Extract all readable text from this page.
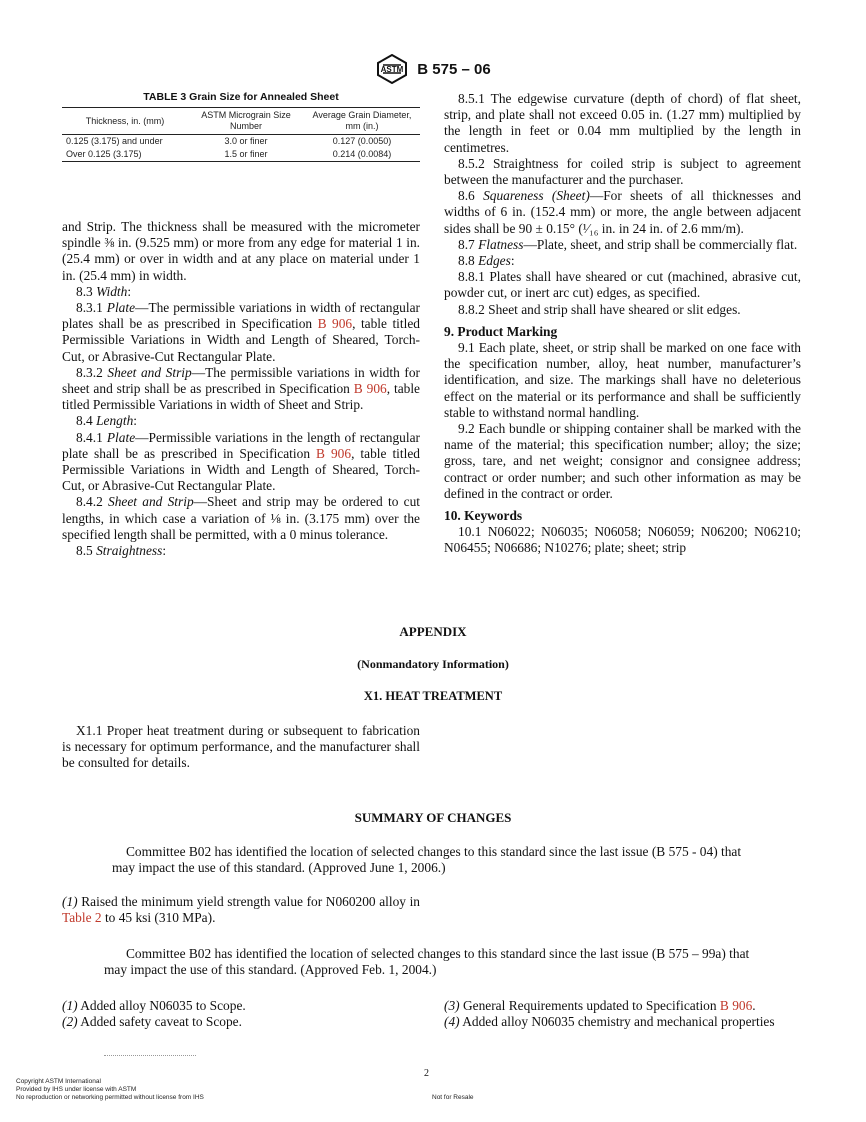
ASTM B 575 – 06
TABLE 3 Grain Size for Annealed Sheet
Thickness, in. (mm)	ASTM Micrograin Size Number	Average Grain Diameter, mm (in.)
0.125 (3.175) and under	3.0 or finer	0.127 (0.0050)
Over 0.125 (3.175)	1.5 or finer	0.214 (0.0084)

and Strip. The thickness shall be measured with the micrometer spindle ⅜ in. (9.525 mm) or more from any edge for material 1 in. (25.4 mm) or over in width and at any place on material under 1 in. (25.4 mm) in width.

8.3 Width:

8.3.1 Plate—The permissible variations in width of rectangular plates shall be as prescribed in Specification B 906, table titled Permissible Variations in Width and Length of Sheared, Torch-Cut, or Abrasive-Cut Rectangular Plate.

8.3.2 Sheet and Strip—The permissible variations in width for sheet and strip shall be as prescribed in Specification B 906, table titled Permissible Variations in width of Sheet and Strip.

8.4 Length:

8.4.1 Plate—Permissible variations in the length of rectangular plate shall be as prescribed in Specification B 906, table titled Permissible Variations in Width and Length of Sheared, Torch-Cut, or Abrasive-Cut Rectangular Plate.

8.4.2 Sheet and Strip—Sheet and strip may be ordered to cut lengths, in which case a variation of ⅛ in. (3.175 mm) over the specified length shall be permitted, with a 0 minus tolerance.

8.5 Straightness:

8.5.1 The edgewise curvature (depth of chord) of flat sheet, strip, and plate shall not exceed 0.05 in. (1.27 mm) multiplied by the length in feet or 0.04 mm multiplied by the length in centimetres.

8.5.2 Straightness for coiled strip is subject to agreement between the manufacturer and the purchaser.

8.6 Squareness (Sheet)—For sheets of all thicknesses and widths of 6 in. (152.4 mm) or more, the angle between adjacent sides shall be 90 ± 0.15° (¹⁄₁₆ in. in 24 in. of 2.6 mm/m).

8.7 Flatness—Plate, sheet, and strip shall be commercially flat.

8.8 Edges:

8.8.1 Plates shall have sheared or cut (machined, abrasive cut, powder cut, or inert arc cut) edges, as specified.

8.8.2 Sheet and strip shall have sheared or slit edges.

9. Product Marking

9.1 Each plate, sheet, or strip shall be marked on one face with the specification number, alloy, heat number, manufacturer’s identification, and size. The markings shall have no deleterious effect on the material or its performance and shall be sufficiently stable to withstand normal handling.

9.2 Each bundle or shipping container shall be marked with the name of the material; this specification number; alloy; the size; gross, tare, and net weight; consignor and consignee address; contract or order number; and such other information as may be defined in the contract or order.

10. Keywords

10.1 N06022; N06035; N06058; N06059; N06200; N06210; N06455; N06686; N10276; plate; sheet; strip

APPENDIX
(Nonmandatory Information)
X1. HEAT TREATMENT

X1.1 Proper heat treatment during or subsequent to fabrication is necessary for optimum performance, and the manufacturer shall be consulted for details.

SUMMARY OF CHANGES

Committee B02 has identified the location of selected changes to this standard since the last issue (B 575 - 04) that may impact the use of this standard. (Approved June 1, 2006.)

(1) Raised the minimum yield strength value for N060200 alloy in Table 2 to 45 ksi (310 MPa).

Committee B02 has identified the location of selected changes to this standard since the last issue (B 575 – 99a) that may impact the use of this standard. (Approved Feb. 1, 2004.)

(1) Added alloy N06035 to Scope.

(2) Added safety caveat to Scope.

(3) General Requirements updated to Specification B 906.

(4) Added alloy N06035 chemistry and mechanical properties

Copyright ASTM International
Provided by IHS under license with ASTM
No reproduction or networking permitted without license from IHS
2
Not for Resale
